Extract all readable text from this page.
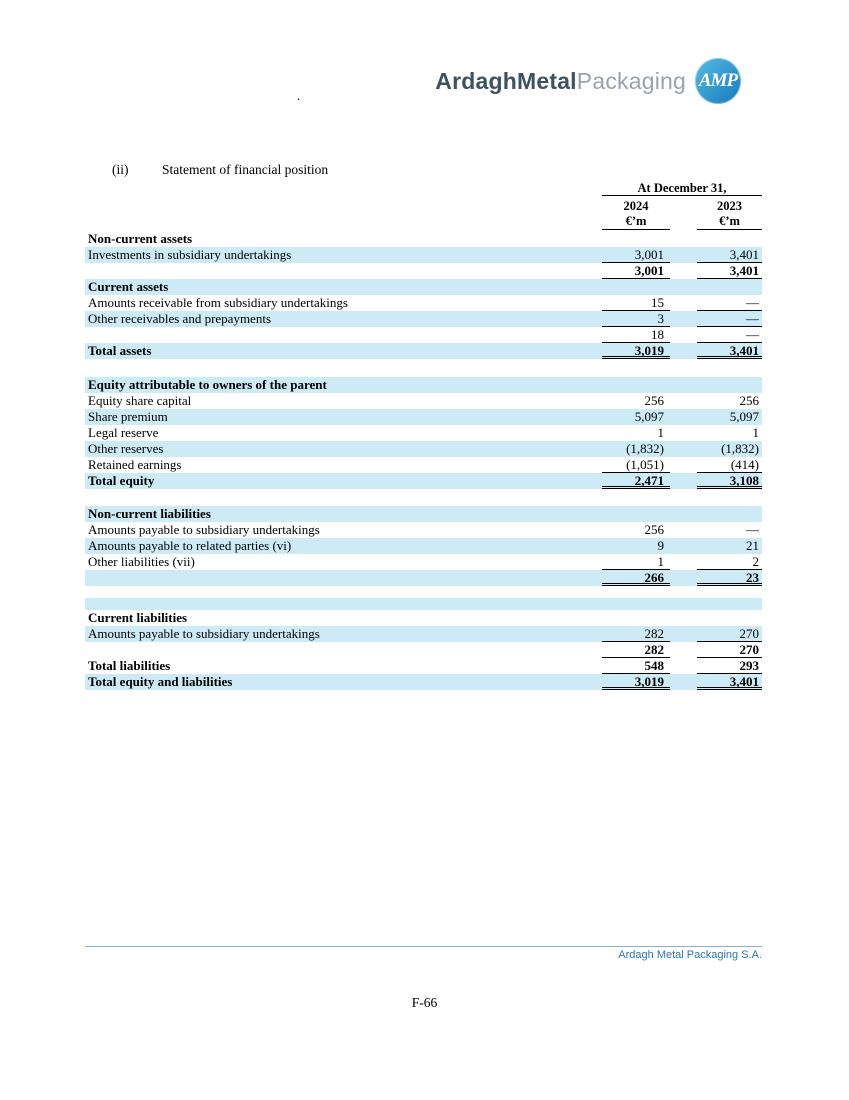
ArdaghMetalPackaging AMP
.
(ii) Statement of financial position
At December 31,
2024	2023
€’m	€’m
Non-current assets
Investments in subsidiary undertakings	3,001	3,401
3,001	3,401
Current assets
Amounts receivable from subsidiary undertakings	15	—
Other receivables and prepayments	3	—
18	—
Total assets	3,019	3,401
Equity attributable to owners of the parent
Equity share capital	256	256
Share premium	5,097	5,097
Legal reserve	1	1
Other reserves	(1,832)	(1,832)
Retained earnings	(1,051)	(414)
Total equity	2,471	3,108
Non-current liabilities
Amounts payable to subsidiary undertakings	256	—
Amounts payable to related parties (vi)	9	21
Other liabilities (vii)	1	2
266	23
Current liabilities
Amounts payable to subsidiary undertakings	282	270
282	270
Total liabilities	548	293
Total equity and liabilities	3,019	3,401
Ardagh Metal Packaging S.A.
F-66
